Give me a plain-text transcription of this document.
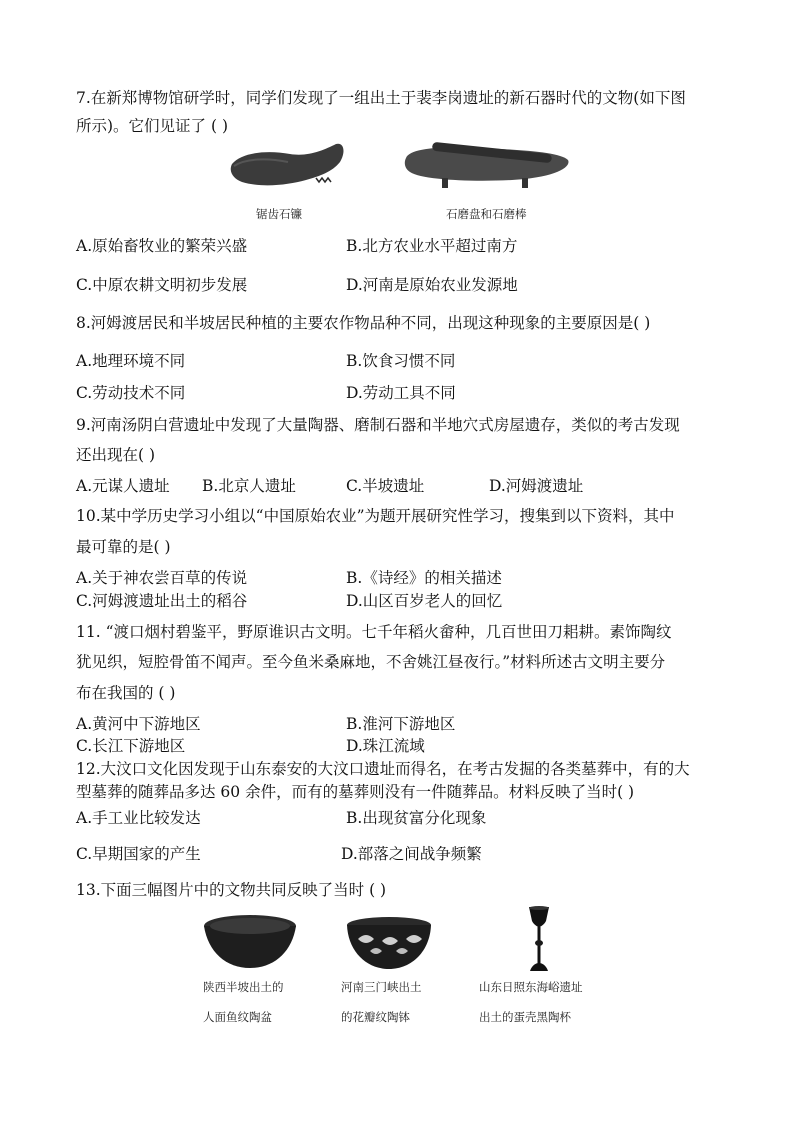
7.在新郑博物馆研学时，同学们发现了一组出土于裴李岗遗址的新石器时代的文物(如下图
所示)。它们见证了 ( )
锯齿石镰	石磨盘和石磨棒
A.原始畜牧业的繁荣兴盛	B.北方农业水平超过南方
C.中原农耕文明初步发展	D.河南是原始农业发源地
8.河姆渡居民和半坡居民种植的主要农作物品种不同，出现这种现象的主要原因是( )
A.地理环境不同	B.饮食习惯不同
C.劳动技术不同	D.劳动工具不同
9.河南汤阴白营遗址中发现了大量陶器、磨制石器和半地穴式房屋遗存，类似的考古发现
还出现在( )
A.元谋人遗址 B.北京人遗址	C.半坡遗址	D.河姆渡遗址
10.某中学历史学习小组以“中国原始农业”为题开展研究性学习，搜集到以下资料，其中
最可靠的是( )
A.关于神农尝百草的传说	B.《诗经》的相关描述
C.河姆渡遗址出土的稻谷	D.山区百岁老人的回忆
11. “渡口烟村碧鉴平，野原谁识古文明。七千年稻火畲种，几百世田刀耜耕。素饰陶纹
犹见织，短腔骨笛不闻声。至今鱼米桑麻地，不舍姚江昼夜行。”材料所述古文明主要分
布在我国的 ( )
A.黄河中下游地区	B.淮河下游地区
C.长江下游地区	D.珠江流域
12.大汶口文化因发现于山东泰安的大汶口遗址而得名，在考古发掘的各类墓葬中，有的大
型墓葬的随葬品多达 60 余件，而有的墓葬则没有一件随葬品。材料反映了当时( )
A.手工业比较发达	B.出现贫富分化现象
C.早期国家的产生	D.部落之间战争频繁
13.下面三幅图片中的文物共同反映了当时 ( )
陕西半坡出土的
人面鱼纹陶盆
河南三门峡出土
的花瓣纹陶钵
山东日照东海峪遗址
出土的蛋壳黑陶杯
